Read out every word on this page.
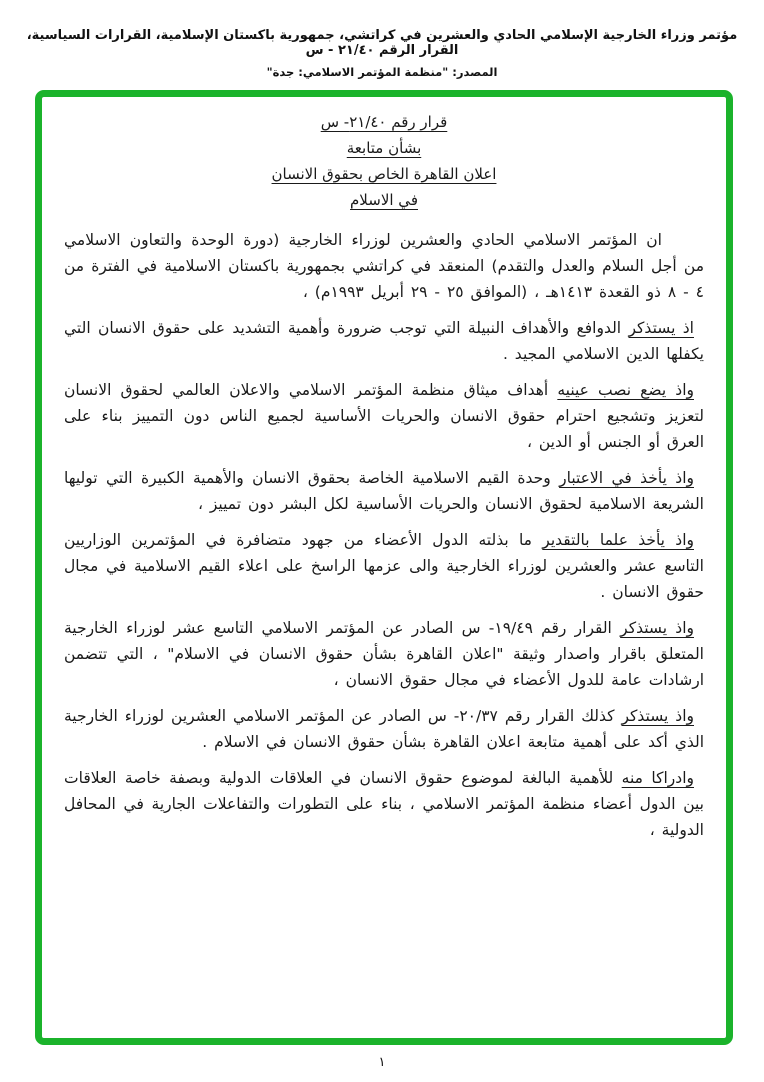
مؤتمر وزراء الخارجية الإسلامي الحادي والعشرين في كراتشي، جمهورية باكستان الإسلامية، القرارات السياسية، القرار الرقم ٢١/٤٠ - س
المصدر: "منظمة المؤتمر الاسلامي: جدة"
قرار رقم ٢١/٤٠- س
بشأن متابعة
اعلان القاهرة الخاص بحقوق الانسان
في الاسلام
ان المؤتمر الاسلامي الحادي والعشرين لوزراء الخارجية (دورة الوحدة والتعاون الاسلامي من أجل السلام والعدل والتقدم) المنعقد في كراتشي بجمهورية باكستان الاسلامية في الفترة من ٤ - ٨ ذو القعدة ١٤١٣هـ ، (الموافق ٢٥ - ٢٩ أبريل ١٩٩٣م) ،
اذ يستذكر الدوافع والأهداف النبيلة التي توجب ضرورة وأهمية التشديد على حقوق الانسان التي يكفلها الدين الاسلامي المجيد .
واذ يضع نصب عينيه أهداف ميثاق منظمة المؤتمر الاسلامي والاعلان العالمي لحقوق الانسان لتعزيز وتشجيع احترام حقوق الانسان والحريات الأساسية لجميع الناس دون التمييز بناء على العرق أو الجنس أو الدين ،
واذ يأخذ في الاعتبار وحدة القيم الاسلامية الخاصة بحقوق الانسان والأهمية الكبيرة التي توليها الشريعة الاسلامية لحقوق الانسان والحريات الأساسية لكل البشر دون تمييز ،
واذ يأخذ علما بالتقدير ما بذلته الدول الأعضاء من جهود متضافرة في المؤتمرين الوزاريين التاسع عشر والعشرين لوزراء الخارجية والى عزمها الراسخ على اعلاء القيم الاسلامية في مجال حقوق الانسان .
واذ يستذكر القرار رقم ١٩/٤٩- س الصادر عن المؤتمر الاسلامي التاسع عشر لوزراء الخارجية المتعلق باقرار واصدار وثيقة "اعلان القاهرة بشأن حقوق الانسان في الاسلام" ، التي تتضمن ارشادات عامة للدول الأعضاء في مجال حقوق الانسان ،
واذ يستذكر كذلك القرار رقم ٢٠/٣٧- س الصادر عن المؤتمر الاسلامي العشرين لوزراء الخارجية الذي أكد على أهمية متابعة اعلان القاهرة بشأن حقوق الانسان في الاسلام .
وادراكا منه للأهمية البالغة لموضوع حقوق الانسان في العلاقات الدولية وبصفة خاصة العلاقات بين الدول أعضاء منظمة المؤتمر الاسلامي ، بناء على التطورات والتفاعلات الجارية في المحافل الدولية ،
١
